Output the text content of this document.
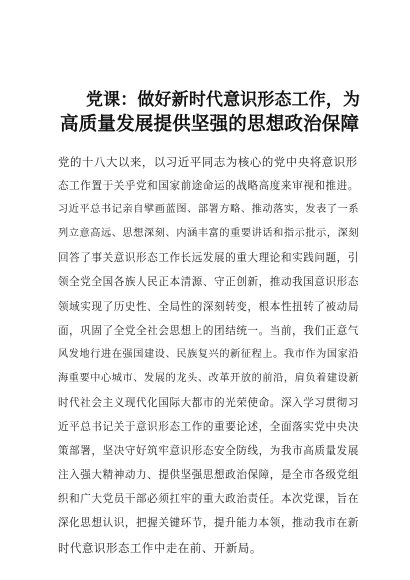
党课：做好新时代意识形态工作，为
高质量发展提供坚强的思想政治保障
党的十八大以来，以习近平同志为核心的党中央将意识形
态工作置于关乎党和国家前途命运的战略高度来审视和推进。
习近平总书记亲自擘画蓝图、部署方略、推动落实，发表了一系
列立意高远、思想深刻、内涵丰富的重要讲话和指示批示，深刻
回答了事关意识形态工作长远发展的重大理论和实践问题，引
领全党全国各族人民正本清源、守正创新，推动我国意识形态
领域实现了历史性、全局性的深刻转变，根本性扭转了被动局
面，巩固了全党全社会思想上的团结统一。当前，我们正意气
风发地行进在强国建设、民族复兴的新征程上。我市作为国家沿
海重要中心城市、发展的龙头、改革开放的前沿，肩负着建设新
时代社会主义现代化国际大都市的光荣使命。深入学习贯彻习
近平总书记关于意识形态工作的重要论述，全面落实党中央决
策部署，坚决守好筑牢意识形态安全防线，为我市高质量发展
注入强大精神动力、提供坚强思想政治保障，是全市各级党组
织和广大党员干部必须扛牢的重大政治责任。本次党课，旨在
深化思想认识，把握关键环节，提升能力本领，推动我市在新
时代意识形态工作中走在前、开新局。
